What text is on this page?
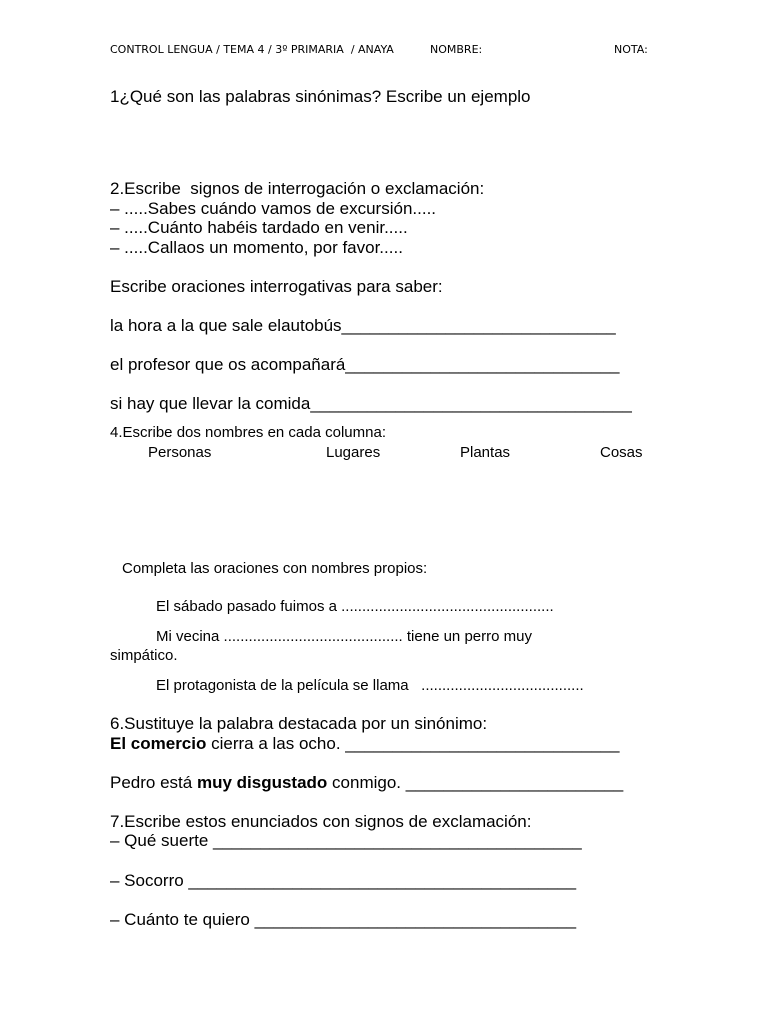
CONTROL LENGUA / TEMA 4 / 3º PRIMARIA  / ANAYA	NOMBRE:	NOTA:
1¿Qué son las palabras sinónimas? Escribe un ejemplo
2.Escribe  signos de interrogación o exclamación:
– .....Sabes cuándo vamos de excursión.....
– .....Cuánto habéis tardado en venir.....
– .....Callaos un momento, por favor.....
Escribe oraciones interrogativas para saber:
la hora a la que sale elautobús_____________________________
el profesor que os acompañará_____________________________
si hay que llevar la comida__________________________________
4.Escribe dos nombres en cada columna:
Personas	Lugares	Plantas	Cosas
Completa las oraciones con nombres propios:
El sábado pasado fuimos a ...................................................
Mi vecina ........................................... tiene un perro muy
simpático.
El protagonista de la película se llama   .......................................
6.Sustituye la palabra destacada por un sinónimo:
El comercio cierra a las ocho. _____________________________
Pedro está muy disgustado conmigo. _______________________
7.Escribe estos enunciados con signos de exclamación:
– Qué suerte _______________________________________
– Socorro _________________________________________
– Cuánto te quiero __________________________________
